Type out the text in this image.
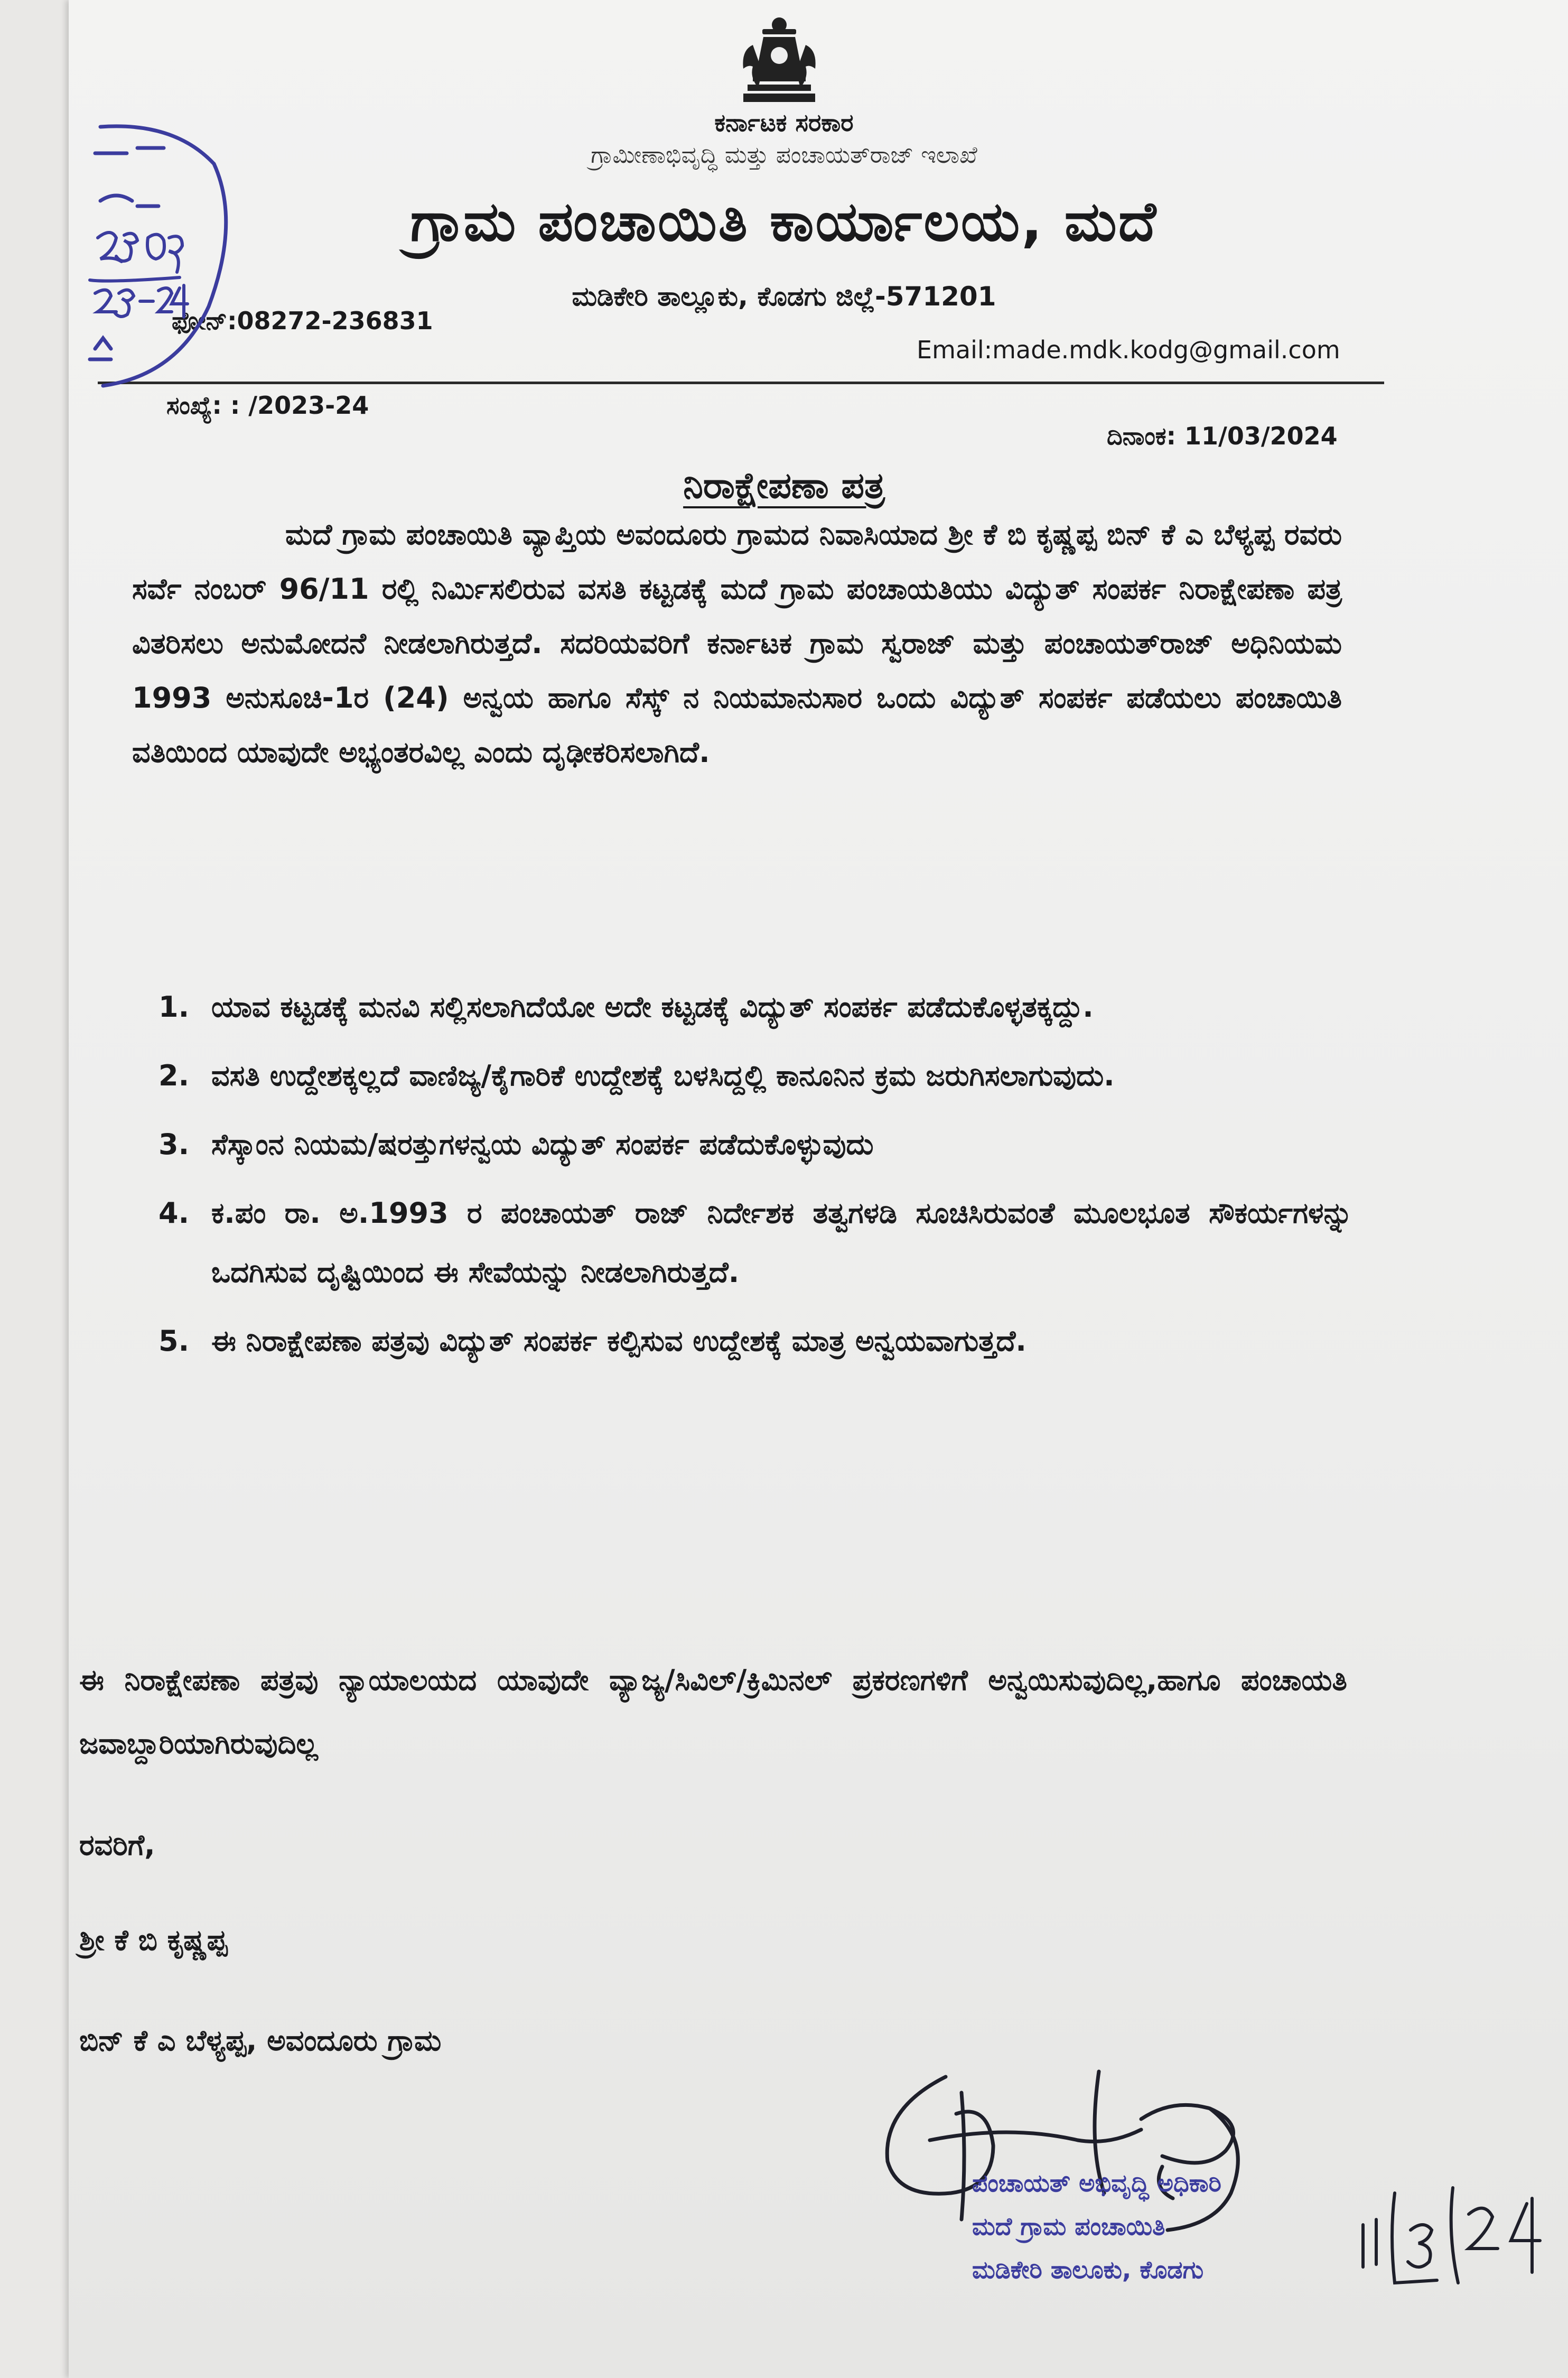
ಕರ್ನಾಟಕ ಸರಕಾರ
ಗ್ರಾಮೀಣಾಭಿವೃದ್ಧಿ ಮತ್ತು ಪಂಚಾಯತ್‌ರಾಜ್ ಇಲಾಖೆ
ಗ್ರಾಮ ಪಂಚಾಯಿತಿ ಕಾರ್ಯಾಲಯ, ಮದೆ
ಮಡಿಕೇರಿ ತಾಲ್ಲೂಕು, ಕೊಡಗು ಜಿಲ್ಲೆ-571201
ಫೋನ್:08272-236831
Email:made.mdk.kodg@gmail.com
ಸಂಖ್ಯೆ: : /2023-24
ದಿನಾಂಕ: 11/03/2024
ನಿರಾಕ್ಷೇಪಣಾ ಪತ್ರ

ಮದೆ ಗ್ರಾಮ ಪಂಚಾಯಿತಿ ವ್ಯಾಪ್ತಿಯ ಅವಂದೂರು ಗ್ರಾಮದ ನಿವಾಸಿಯಾದ ಶ್ರೀ ಕೆ ಬಿ ಕೃಷ್ಣಪ್ಪ ಬಿನ್ ಕೆ ಎ ಬೆಳ್ಯಪ್ಪ ರವರು ಸರ್ವೆ ನಂಬರ್ 96/11 ರಲ್ಲಿ ನಿರ್ಮಿಸಲಿರುವ ವಸತಿ ಕಟ್ಟಡಕ್ಕೆ ಮದೆ ಗ್ರಾಮ ಪಂಚಾಯತಿಯು ವಿದ್ಯುತ್ ಸಂಪರ್ಕ ನಿರಾಕ್ಷೇಪಣಾ ಪತ್ರ ವಿತರಿಸಲು ಅನುಮೋದನೆ ನೀಡಲಾಗಿರುತ್ತದೆ. ಸದರಿಯವರಿಗೆ ಕರ್ನಾಟಕ ಗ್ರಾಮ ಸ್ವರಾಜ್ ಮತ್ತು ಪಂಚಾಯತ್‌ರಾಜ್ ಅಧಿನಿಯಮ 1993 ಅನುಸೂಚಿ-1ರ (24) ಅನ್ವಯ ಹಾಗೂ ಸೆಸ್ಕ್ ನ ನಿಯಮಾನುಸಾರ ಒಂದು ವಿದ್ಯುತ್ ಸಂಪರ್ಕ ಪಡೆಯಲು ಪಂಚಾಯಿತಿ ವತಿಯಿಂದ ಯಾವುದೇ ಅಭ್ಯಂತರವಿಲ್ಲ ಎಂದು ದೃಢೀಕರಿಸಲಾಗಿದೆ.

1. ಯಾವ ಕಟ್ಟಡಕ್ಕೆ ಮನವಿ ಸಲ್ಲಿಸಲಾಗಿದೆಯೋ ಅದೇ ಕಟ್ಟಡಕ್ಕೆ ವಿದ್ಯುತ್ ಸಂಪರ್ಕ ಪಡೆದುಕೊಳ್ಳತಕ್ಕದ್ದು.
2. ವಸತಿ ಉದ್ದೇಶಕ್ಕಲ್ಲದೆ ವಾಣಿಜ್ಯ/ಕೈಗಾರಿಕೆ ಉದ್ದೇಶಕ್ಕೆ ಬಳಸಿದ್ದಲ್ಲಿ ಕಾನೂನಿನ ಕ್ರಮ ಜರುಗಿಸಲಾಗುವುದು.
3. ಸೆಸ್ಕಾಂನ ನಿಯಮ/ಷರತ್ತುಗಳನ್ವಯ ವಿದ್ಯುತ್ ಸಂಪರ್ಕ ಪಡೆದುಕೊಳ್ಳುವುದು
4. ಕ.ಪಂ ರಾ. ಅ.1993 ರ ಪಂಚಾಯತ್ ರಾಜ್ ನಿರ್ದೇಶಕ ತತ್ವಗಳಡಿ ಸೂಚಿಸಿರುವಂತೆ ಮೂಲಭೂತ ಸೌಕರ್ಯಗಳನ್ನು ಒದಗಿಸುವ ದೃಷ್ಟಿಯಿಂದ ಈ ಸೇವೆಯನ್ನು ನೀಡಲಾಗಿರುತ್ತದೆ.
5. ಈ ನಿರಾಕ್ಷೇಪಣಾ ಪತ್ರವು ವಿದ್ಯುತ್ ಸಂಪರ್ಕ ಕಲ್ಪಿಸುವ ಉದ್ದೇಶಕ್ಕೆ ಮಾತ್ರ ಅನ್ವಯವಾಗುತ್ತದೆ.

ಈ ನಿರಾಕ್ಷೇಪಣಾ ಪತ್ರವು ನ್ಯಾಯಾಲಯದ ಯಾವುದೇ ವ್ಯಾಜ್ಯ/ಸಿವಿಲ್/ಕ್ರಿಮಿನಲ್ ಪ್ರಕರಣಗಳಿಗೆ ಅನ್ವಯಿಸುವುದಿಲ್ಲ,ಹಾಗೂ ಪಂಚಾಯತಿ ಜವಾಬ್ದಾರಿಯಾಗಿರುವುದಿಲ್ಲ

ರವರಿಗೆ,
ಶ್ರೀ ಕೆ ಬಿ ಕೃಷ್ಣಪ್ಪ
ಬಿನ್ ಕೆ ಎ ಬೆಳ್ಯಪ್ಪ, ಅವಂದೂರು ಗ್ರಾಮ
ಪಂಚಾಯತ್ ಅಭಿವೃದ್ಧಿ ಅಧಿಕಾರಿ
ಮದೆ ಗ್ರಾಮ ಪಂಚಾಯಿತಿ
ಮಡಿಕೇರಿ ತಾಲೂಕು, ಕೊಡಗು
